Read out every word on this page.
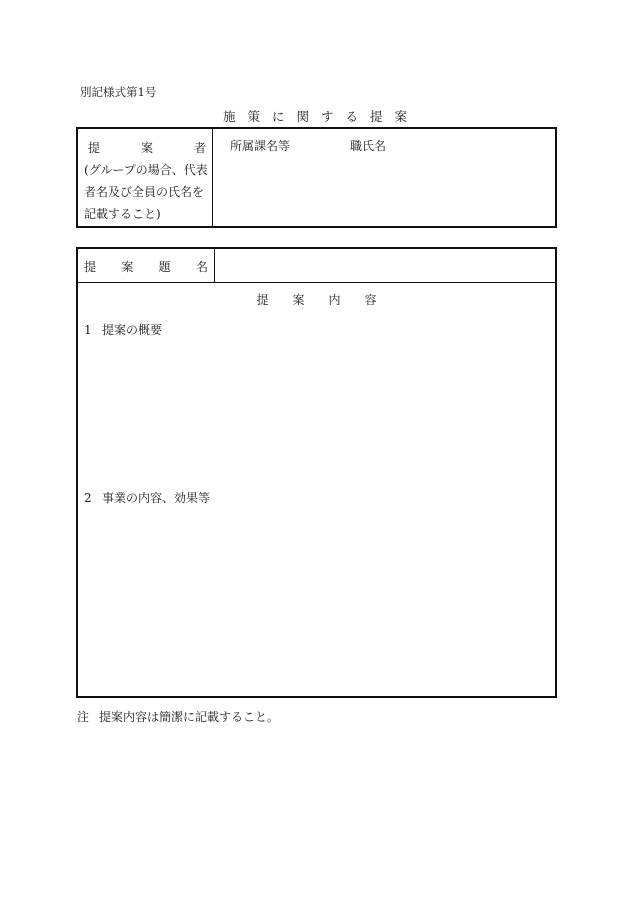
別記様式第1号
施策に関する提案
提	案	者
(グループの場合、代表
者名及び全員の氏名を
記載すること)
所属課名等	職氏名
提 案 題 名
提案内容
1 提案の概要
2 事業の内容、効果等
注 提案内容は簡潔に記載すること。
